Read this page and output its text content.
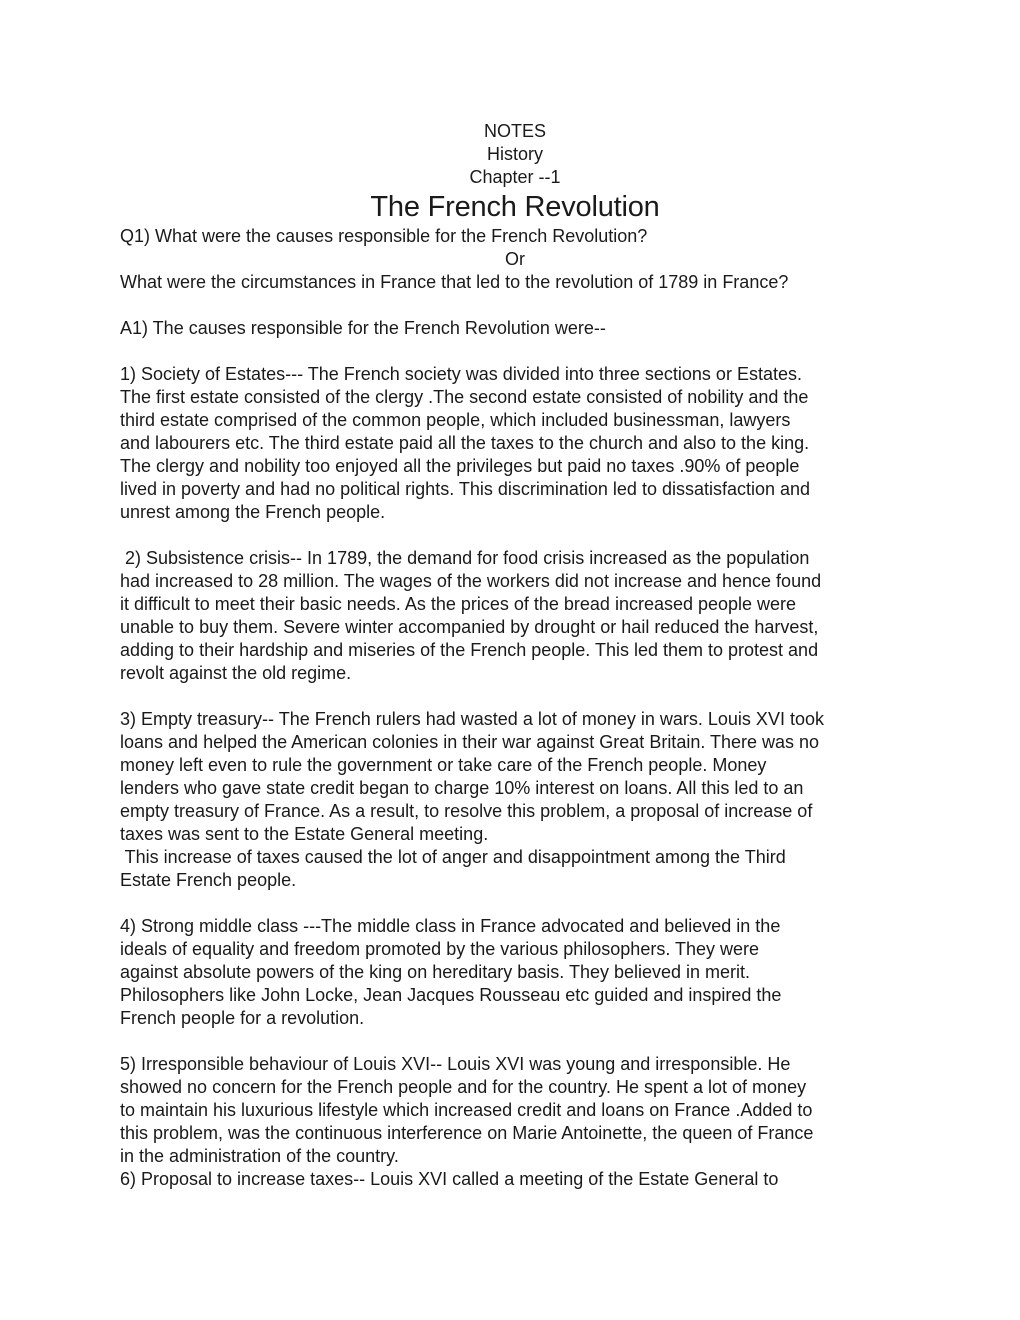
NOTES
History
Chapter --1
The French Revolution
Q1) What were the causes responsible for the French Revolution?
Or
What were the circumstances in France that led to the revolution of 1789 in France?
A1) The causes responsible for the French Revolution were--
1) Society of Estates--- The French society was divided into three sections or Estates.
The first estate consisted of the clergy .The second estate consisted of nobility and the
third estate comprised of the common people, which included businessman, lawyers
and labourers etc. The third estate paid all the taxes to the church and also to the king.
The clergy and nobility too enjoyed all the privileges but paid no taxes .90% of people
lived in poverty and had no political rights. This discrimination led to dissatisfaction and
unrest among the French people.
2) Subsistence crisis-- In 1789, the demand for food crisis increased as the population
had increased to 28 million. The wages of the workers did not increase and hence found
it difficult to meet their basic needs. As the prices of the bread increased people were
unable to buy them. Severe winter accompanied by drought or hail reduced the harvest,
adding to their hardship and miseries of the French people. This led them to protest and
revolt against the old regime.
3) Empty treasury-- The French rulers had wasted a lot of money in wars. Louis XVI took
loans and helped the American colonies in their war against Great Britain. There was no
money left even to rule the government or take care of the French people. Money
lenders who gave state credit began to charge 10% interest on loans. All this led to an
empty treasury of France. As a result, to resolve this problem, a proposal of increase of
taxes was sent to the Estate General meeting.
This increase of taxes caused the lot of anger and disappointment among the Third
Estate French people.
4) Strong middle class ---The middle class in France advocated and believed in the
ideals of equality and freedom promoted by the various philosophers. They were
against absolute powers of the king on hereditary basis. They believed in merit.
Philosophers like John Locke, Jean Jacques Rousseau etc guided and inspired the
French people for a revolution.
5) Irresponsible behaviour of Louis XVI-- Louis XVI was young and irresponsible. He
showed no concern for the French people and for the country. He spent a lot of money
to maintain his luxurious lifestyle which increased credit and loans on France .Added to
this problem, was the continuous interference on Marie Antoinette, the queen of France
in the administration of the country.
6) Proposal to increase taxes-- Louis XVI called a meeting of the Estate General to
